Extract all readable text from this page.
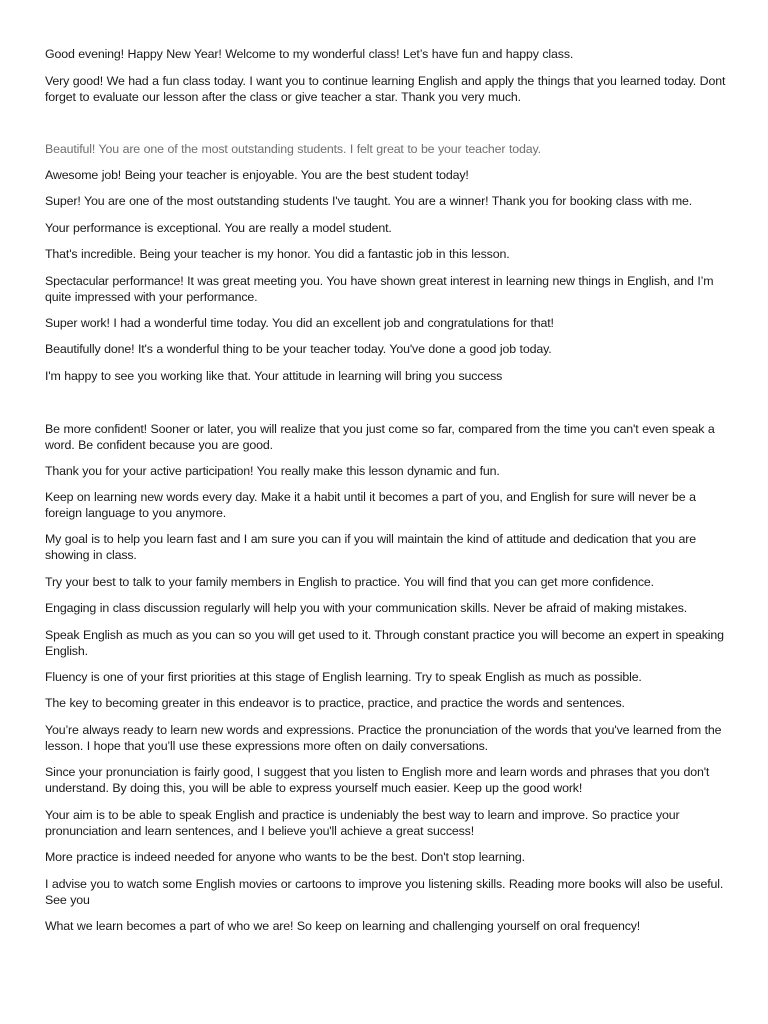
Good evening! Happy New Year! Welcome to my wonderful class! Let’s have fun and happy class.

Very good! We had a fun class today. I want you to continue learning English and apply the things that you learned today. Dont forget to evaluate our lesson after the class or give teacher a star. Thank you very much.

Beautiful! You are one of the most outstanding students. I felt great to be your teacher today.

Awesome job! Being your teacher is enjoyable. You are the best student today!

Super! You are one of the most outstanding students I've taught. You are a winner! Thank you for booking class with me.

Your performance is exceptional. You are really a model student.

That's incredible. Being your teacher is my honor. You did a fantastic job in this lesson.

Spectacular performance! It was great meeting you. You have shown great interest in learning new things in English, and I’m quite impressed with your performance.

Super work! I had a wonderful time today. You did an excellent job and congratulations for that!

Beautifully done! It's a wonderful thing to be your teacher today. You've done a good job today.

I'm happy to see you working like that. Your attitude in learning will bring you success

Be more confident! Sooner or later, you will realize that you just come so far, compared from the time you can't even speak a word. Be confident because you are good.

Thank you for your active participation! You really make this lesson dynamic and fun.

Keep on learning new words every day. Make it a habit until it becomes a part of you, and English for sure will never be a foreign language to you anymore.

My goal is to help you learn fast and I am sure you can if you will maintain the kind of attitude and dedication that you are showing in class.

Try your best to talk to your family members in English to practice. You will find that you can get more confidence.

Engaging in class discussion regularly will help you with your communication skills. Never be afraid of making mistakes.

Speak English as much as you can so you will get used to it. Through constant practice you will become an expert in speaking English.

Fluency is one of your first priorities at this stage of English learning. Try to speak English as much as possible.

The key to becoming greater in this endeavor is to practice, practice, and practice the words and sentences.

You’re always ready to learn new words and expressions. Practice the pronunciation of the words that you've learned from the lesson. I hope that you’ll use these expressions more often on daily conversations.

Since your pronunciation is fairly good, I suggest that you listen to English more and learn words and phrases that you don't understand. By doing this, you will be able to express yourself much easier. Keep up the good work!

Your aim is to be able to speak English and practice is undeniably the best way to learn and improve. So practice your pronunciation and learn sentences, and I believe you'll achieve a great success!

More practice is indeed needed for anyone who wants to be the best. Don't stop learning.

I advise you to watch some English movies or cartoons to improve you listening skills. Reading more books will also be useful. See you

What we learn becomes a part of who we are! So keep on learning and challenging yourself on oral frequency!
